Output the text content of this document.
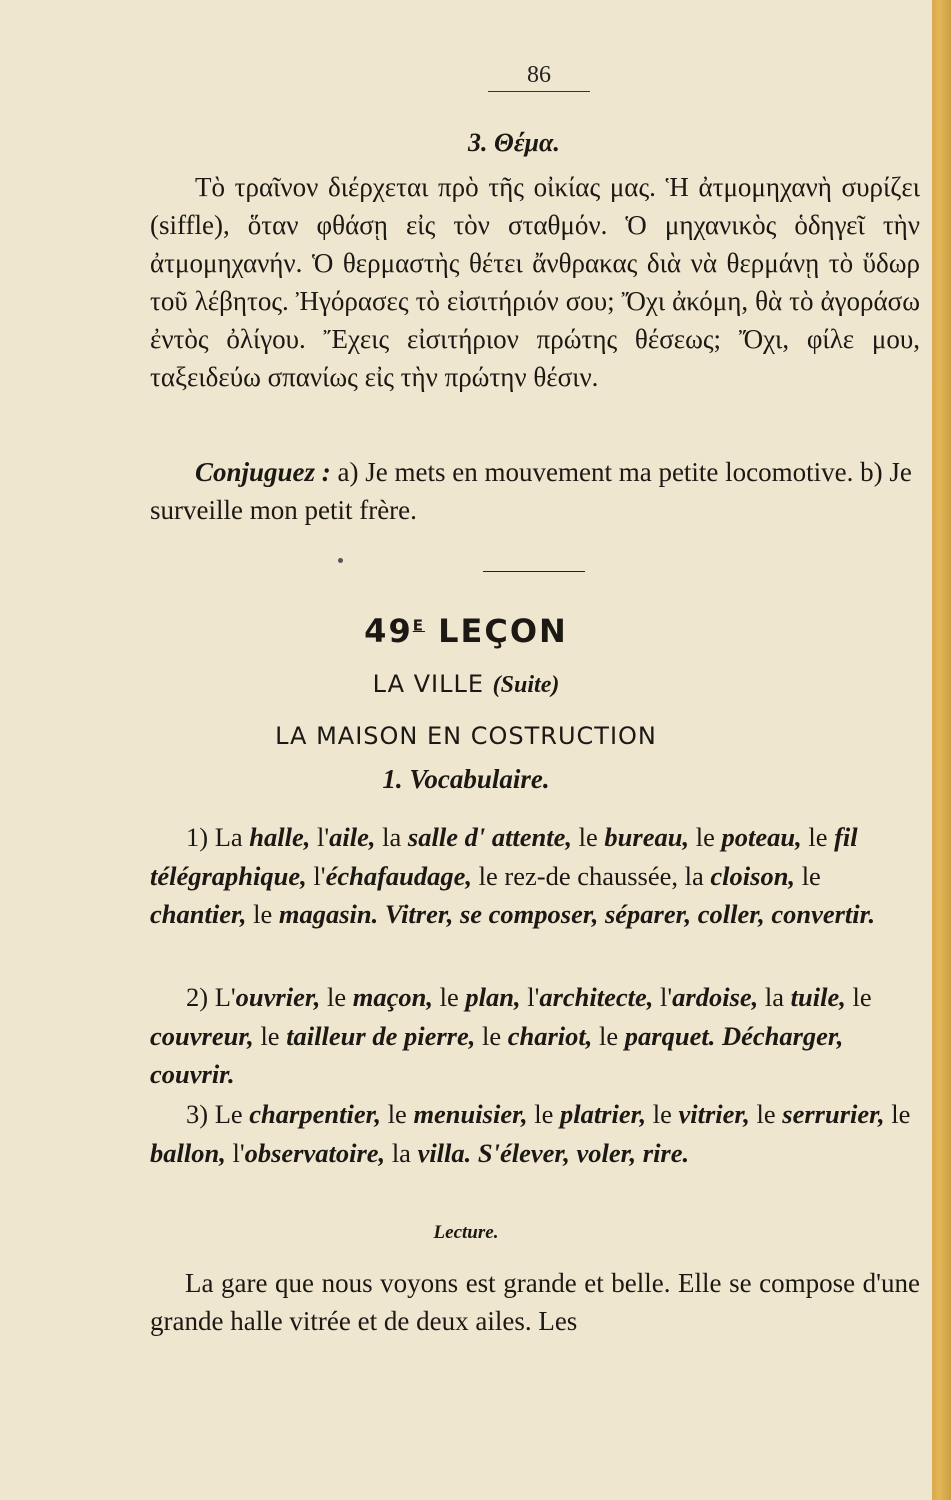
86
3. Θέμα.
Τὸ τραῖνον διέρχεται πρὸ τῆς οἰκίας μας. Ἡ ἀτμομηχανὴ συρίζει (siffle), ὅταν φθάσῃ εἰς τὸν σταθμόν. Ὁ μηχανικὸς ὁδηγεῖ τὴν ἀτμομηχανήν. Ὁ θερμαστὴς θέτει ἄνθρακας διὰ νὰ θερμάνῃ τὸ ὕδωρ τοῦ λέβητος. Ἠγόρασες τὸ εἰσιτήριόν σου; Ὄχι ἀκόμη, θὰ τὸ ἀγοράσω ἐντὸς ὀλίγου. Ἔχεις εἰσιτήριον πρώτης θέσεως; Ὄχι, φίλε μου, ταξειδεύω σπανίως εἰς τὴν πρώτην θέσιν.
Conjuguez : a) Je mets en mouvement ma petite locomotive. b) Je surveille mon petit frère.
$49^E$ LEÇON
LA VILLE (Suite)
LA MAISON EN COSTRUCTION
1. Vocabulaire.
1) La halle, l'aile, la salle d' attente, le bureau, le poteau, le fil télégraphique, l'échafaudage, le rez-de chaussée, la cloison, le chantier, le magasin. Vitrer, se composer, séparer, coller, convertir.
2) L'ouvrier, le maçon, le plan, l'architecte, l'ardoise, la tuile, le couvreur, le tailleur de pierre, le chariot, le parquet. Décharger, couvrir.
3) Le charpentier, le menuisier, le platrier, le vitrier, le serrurier, le ballon, l'observatoire, la villa. S'élever, voler, rire.
Lecture.
La gare que nous voyons est grande et belle. Elle se compose d'une grande halle vitrée et de deux ailes. Les
